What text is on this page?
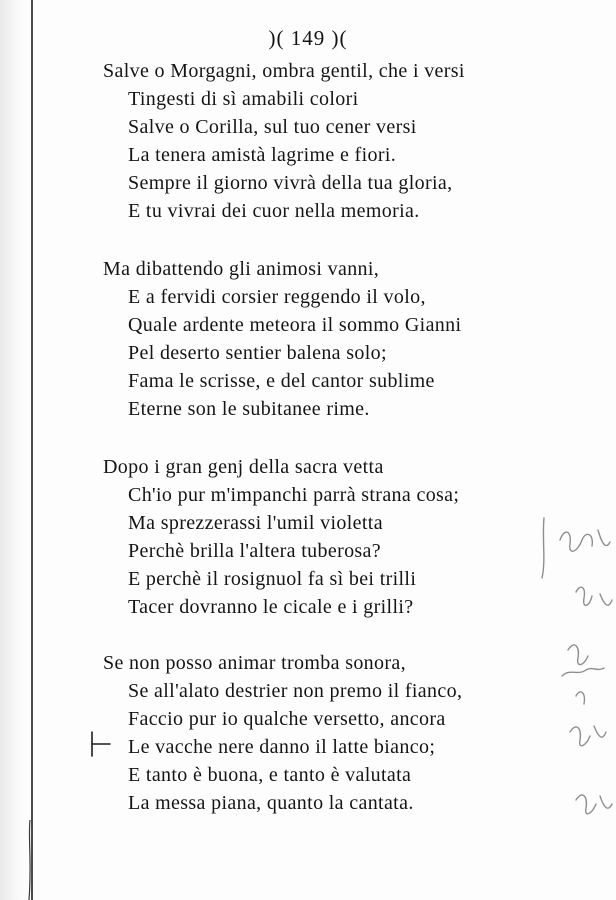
)( 149 )(
Salve o Morgagni, ombra gentil, che i versi
Tingesti di sì amabili colori
Salve o Corilla, sul tuo cener versi
La tenera amistà lagrime e fiori.
Sempre il giorno vivrà della tua gloria,
E tu vivrai dei cuor nella memoria.
Ma dibattendo gli animosi vanni,
E a fervidi corsier reggendo il volo,
Quale ardente meteora il sommo Gianni
Pel deserto sentier balena solo;
Fama le scrisse, e del cantor sublime
Eterne son le subitanee rime.
Dopo i gran genj della sacra vetta
Ch'io pur m'impanchi parrà strana cosa;
Ma sprezzerassi l'umil violetta
Perchè brilla l'altera tuberosa?
E perchè il rosignuol fa sì bei trilli
Tacer dovranno le cicale e i grilli?
Se non posso animar tromba sonora,
Se all'alato destrier non premo il fianco,
Faccio pur io qualche versetto, ancora
Le vacche nere danno il latte bianco;
E tanto è buona, e tanto è valutata
La messa piana, quanto la cantata.
